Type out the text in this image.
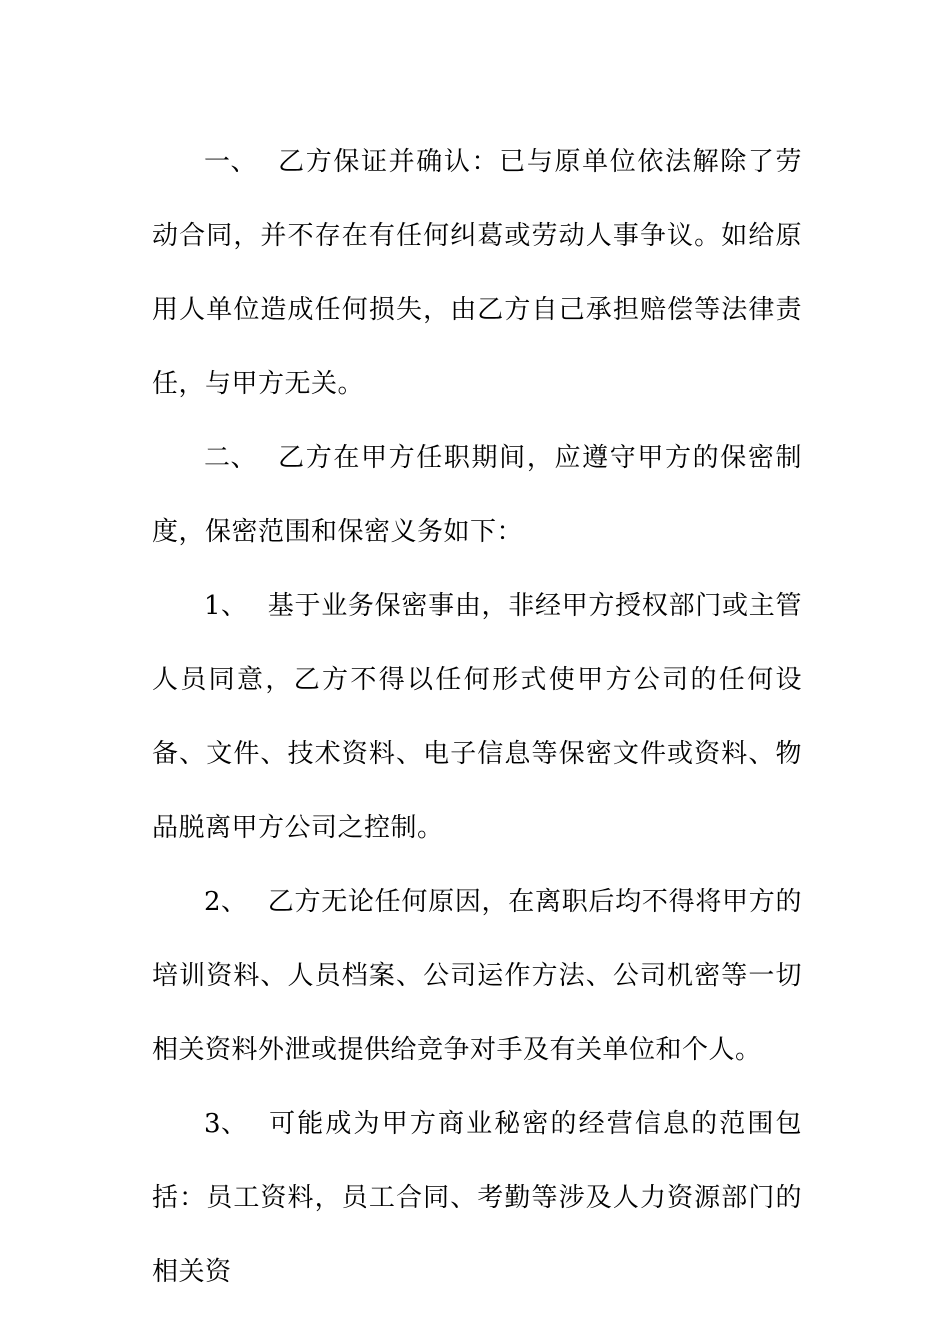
一、 乙方保证并确认：已与原单位依法解除了劳动合同，并不存在有任何纠葛或劳动人事争议。如给原用人单位造成任何损失，由乙方自己承担赔偿等法律责任，与甲方无关。

二、 乙方在甲方任职期间，应遵守甲方的保密制度，保密范围和保密义务如下：

1、 基于业务保密事由，非经甲方授权部门或主管人员同意，乙方不得以任何形式使甲方公司的任何设备、文件、技术资料、电子信息等保密文件或资料、物品脱离甲方公司之控制。

2、 乙方无论任何原因，在离职后均不得将甲方的培训资料、人员档案、公司运作方法、公司机密等一切相关资料外泄或提供给竞争对手及有关单位和个人。

3、 可能成为甲方商业秘密的经营信息的范围包括：员工资料，员工合同、考勤等涉及人力资源部门的相关资
